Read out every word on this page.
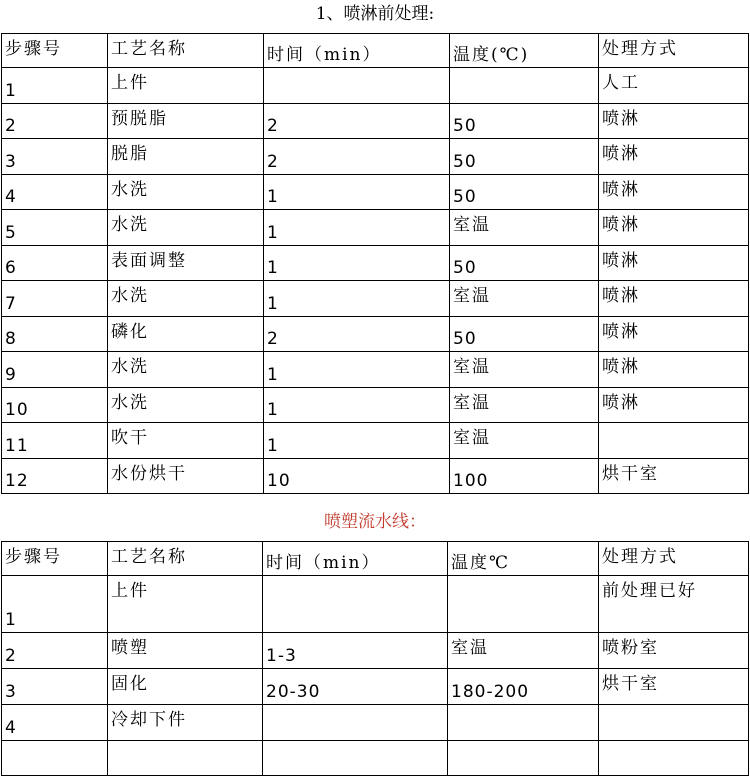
1、喷淋前处理:
步骤号	工艺名称	时间（min）	温度(℃)	处理方式
1	上件			人工
2	预脱脂	2	50	喷淋
3	脱脂	2	50	喷淋
4	水洗	1	50	喷淋
5	水洗	1	室温	喷淋
6	表面调整	1	50	喷淋
7	水洗	1	室温	喷淋
8	磷化	2	50	喷淋
9	水洗	1	室温	喷淋
10	水洗	1	室温	喷淋
11	吹干	1	室温	
12	水份烘干	10	100	烘干室
喷塑流水线：
步骤号	工艺名称	时间（min）	温度℃	处理方式
1	上件			前处理已好
2	喷塑	1-3	室温	喷粉室
3	固化	20-30	180-200	烘干室
4	冷却下件			
